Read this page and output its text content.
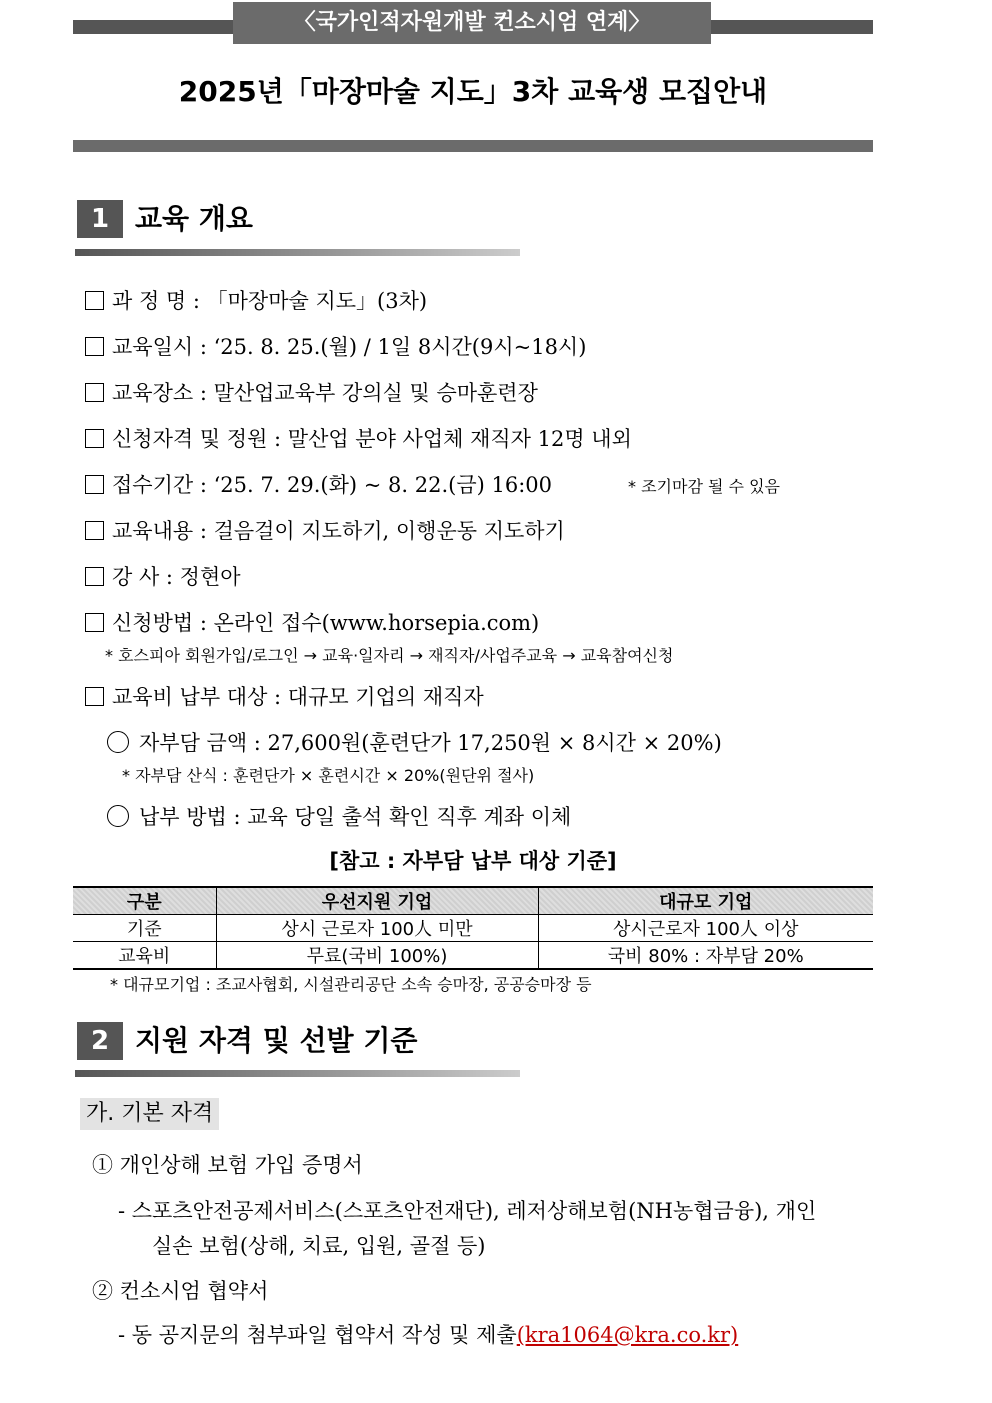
〈국가인적자원개발 컨소시엄 연계〉
2025년「마장마술 지도」3차 교육생 모집안내
1 교육 개요
과 정 명 : 「마장마술 지도」(3차)
교육일시 : ‘25. 8. 25.(월) / 1일 8시간(9시~18시)
교육장소 : 말산업교육부 강의실 및 승마훈련장
신청자격 및 정원 : 말산업 분야 사업체 재직자 12명 내외
접수기간 : ‘25. 7. 29.(화) ~ 8. 22.(금) 16:00	* 조기마감 될 수 있음
교육내용 : 걸음걸이 지도하기, 이행운동 지도하기
강 사 : 정현아
신청방법 : 온라인 접수(www.horsepia.com)
* 호스피아 회원가입/로그인 → 교육·일자리 → 재직자/사업주교육 → 교육참여신청
교육비 납부 대상 : 대규모 기업의 재직자
자부담 금액 : 27,600원(훈련단가 17,250원 × 8시간 × 20%)
* 자부담 산식 : 훈련단가 × 훈련시간 × 20%(원단위 절사)
납부 방법 : 교육 당일 출석 확인 직후 계좌 이체
[참고 : 자부담 납부 대상 기준]
구분	우선지원 기업	대규모 기업
기준	상시 근로자 100人 미만	상시근로자 100人 이상
교육비	무료(국비 100%)	국비 80% : 자부담 20%
* 대규모기업 : 조교사협회, 시설관리공단 소속 승마장, 공공승마장 등
2 지원 자격 및 선발 기준
가. 기본 자격
① 개인상해 보험 가입 증명서
- 스포츠안전공제서비스(스포츠안전재단), 레저상해보험(NH농협금융), 개인
실손 보험(상해, 치료, 입원, 골절 등)
② 컨소시엄 협약서
- 동 공지문의 첨부파일 협약서 작성 및 제출(kra1064@kra.co.kr)
